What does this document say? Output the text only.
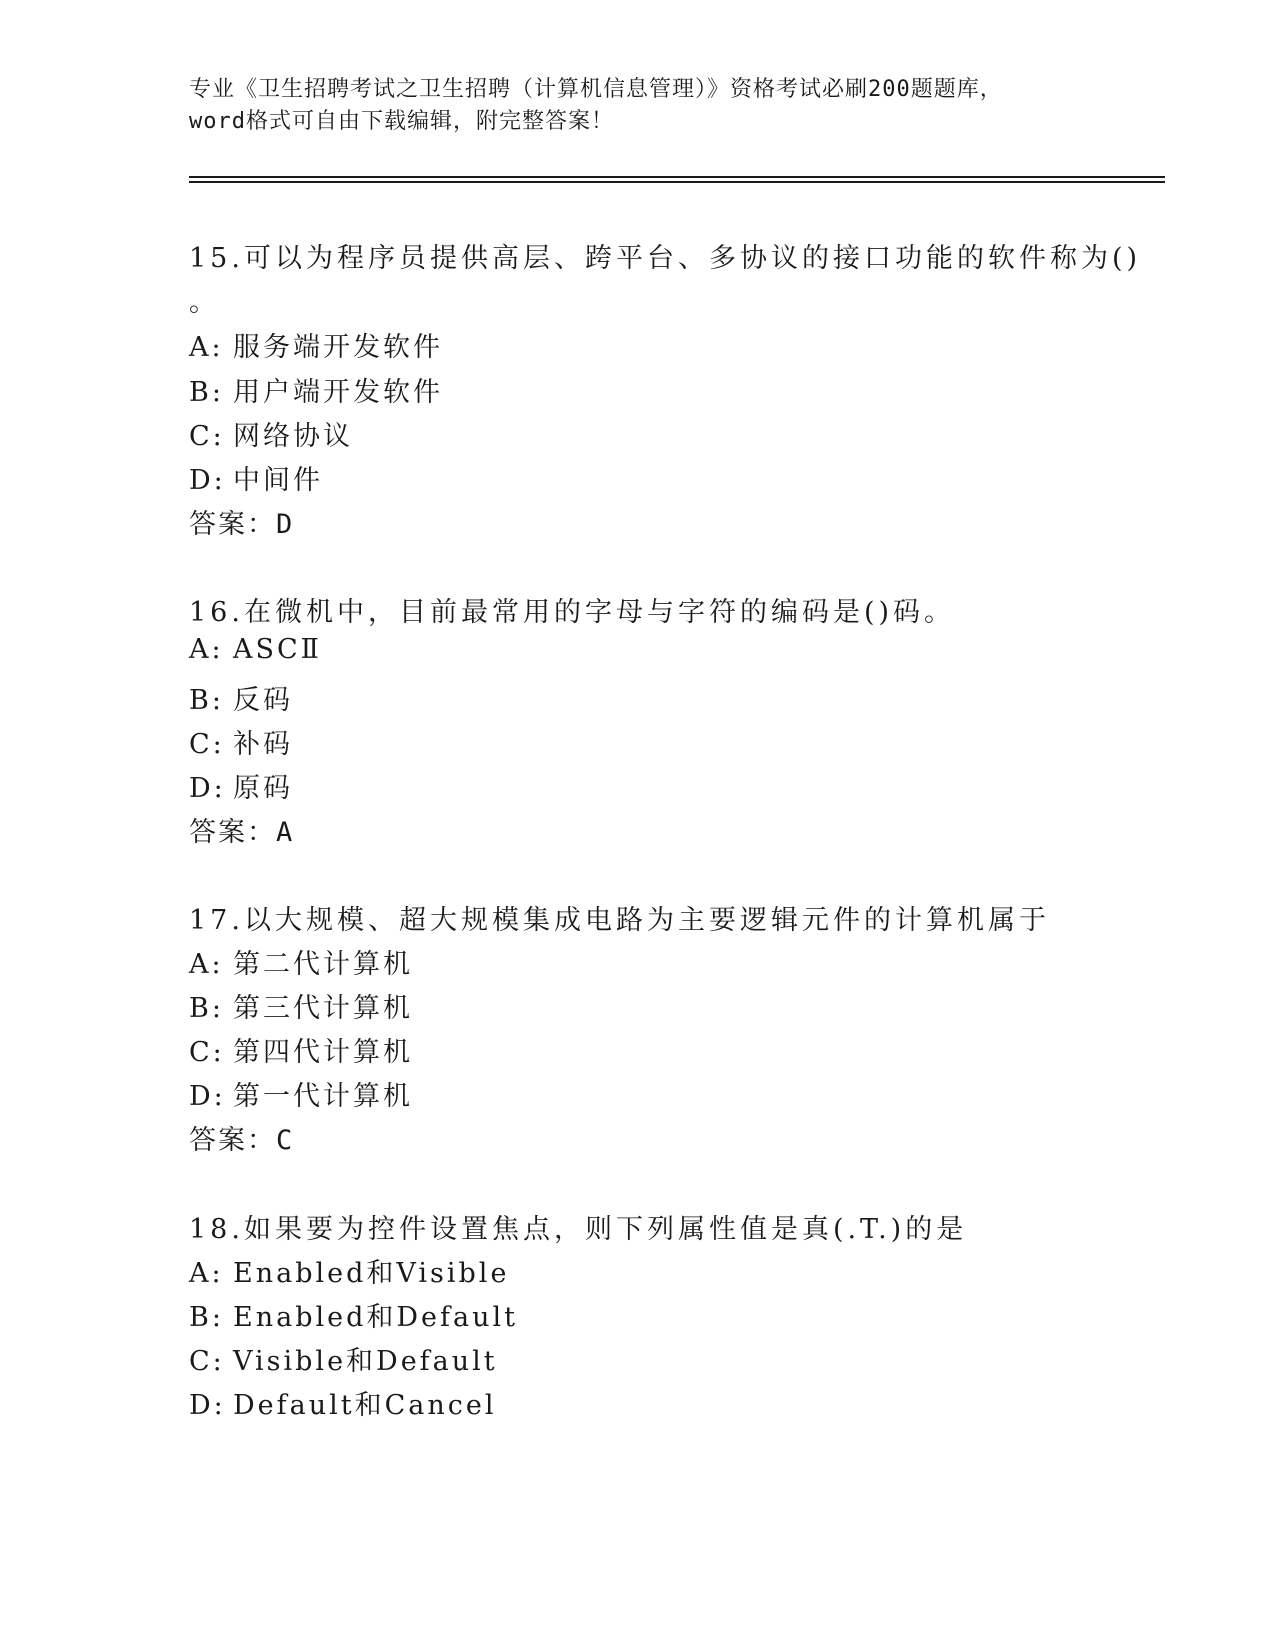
专业《卫生招聘考试之卫生招聘（计算机信息管理）》资格考试必刷200题题库，
word格式可自由下载编辑，附完整答案！
15.可以为程序员提供高层、跨平台、多协议的接口功能的软件称为()
。
A: 服务端开发软件
B: 用户端开发软件
C: 网络协议
D: 中间件
答案：D
16.在微机中，目前最常用的字母与字符的编码是()码。
A: ASCⅡ
B: 反码
C: 补码
D: 原码
答案：A
17.以大规模、超大规模集成电路为主要逻辑元件的计算机属于
A: 第二代计算机
B: 第三代计算机
C: 第四代计算机
D: 第一代计算机
答案：C
18.如果要为控件设置焦点，则下列属性值是真(.T.)的是
A: Enabled和Visible
B: Enabled和Default
C: Visible和Default
D: Default和Cancel
